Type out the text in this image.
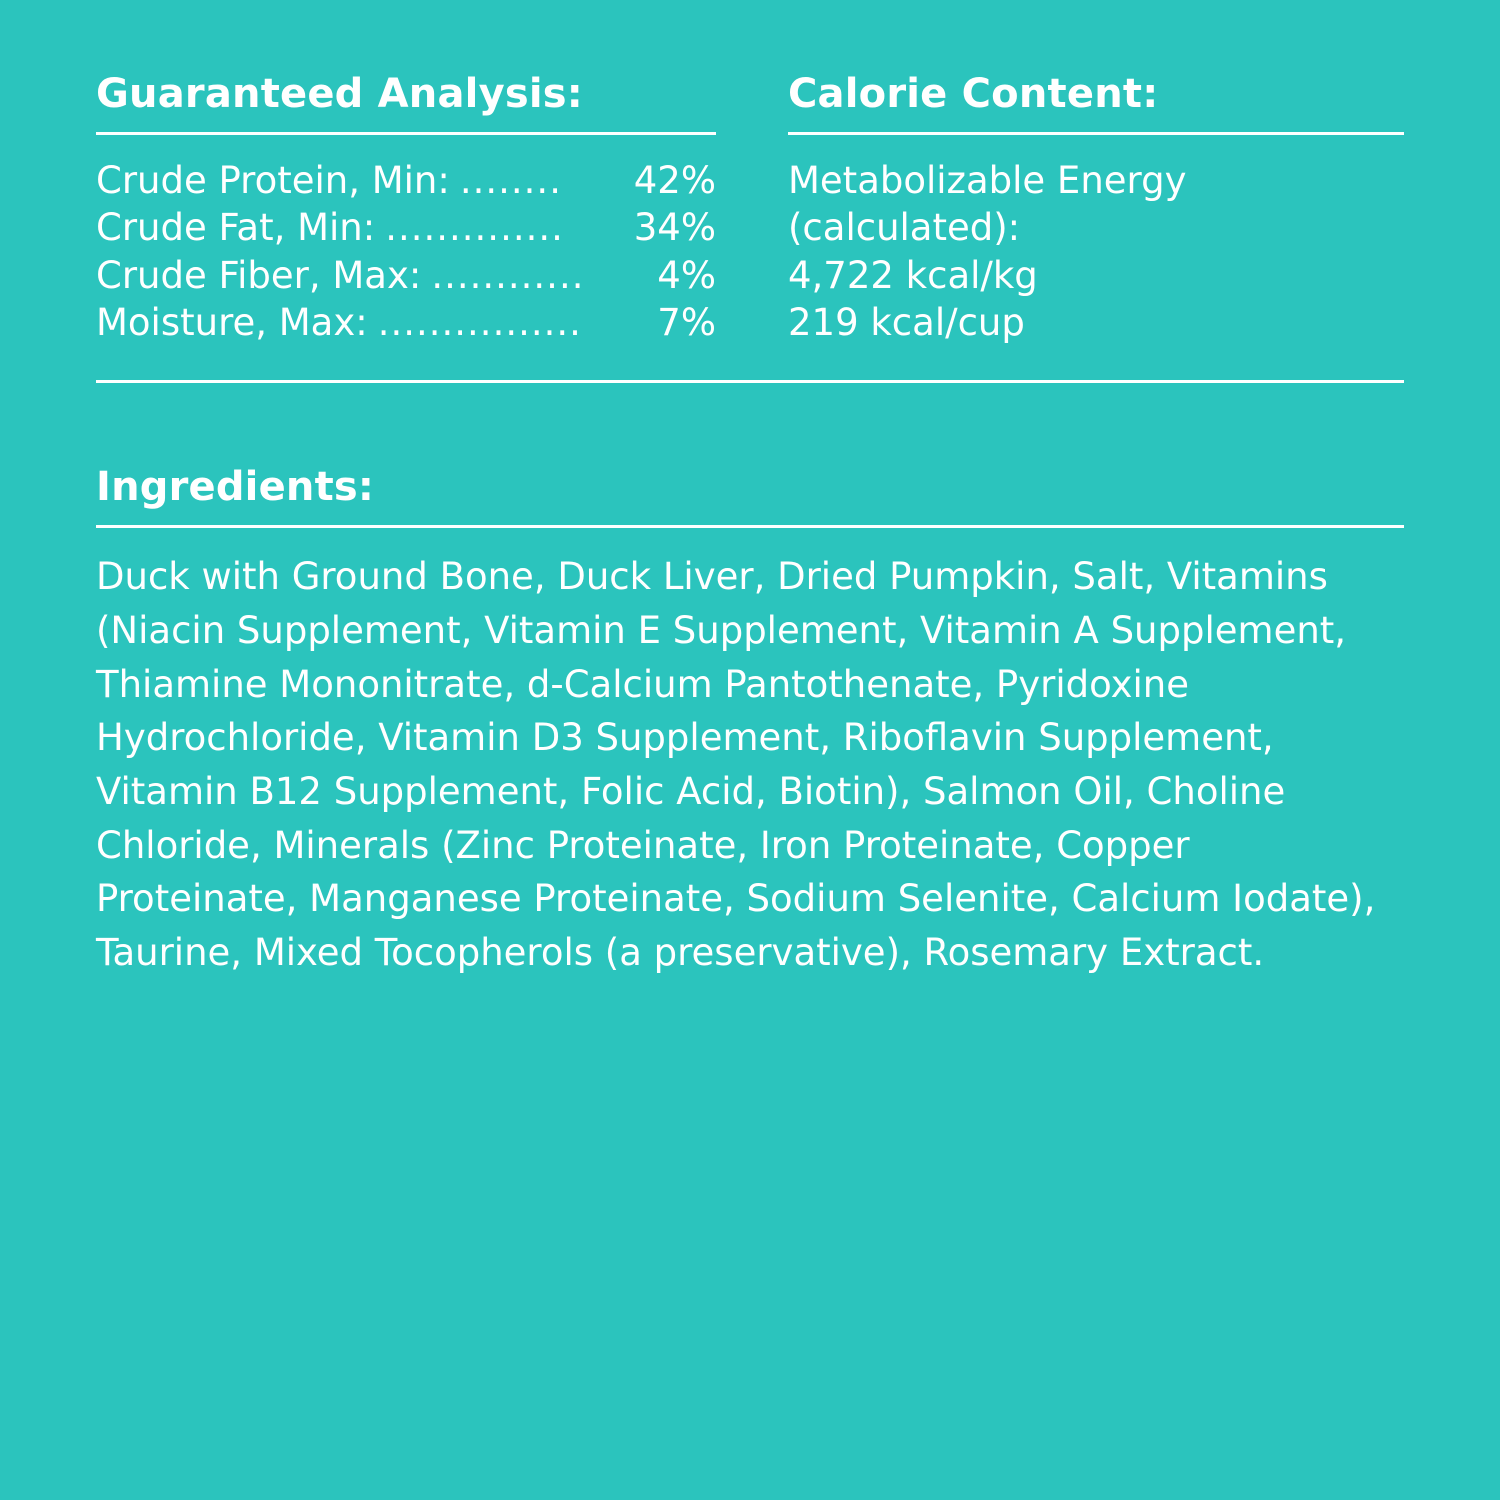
Guaranteed Analysis:
Crude Protein, Min: ........	42%
Crude Fat, Min: ..............	34%
Crude Fiber, Max: ............	4%
Moisture, Max: ................	7%
Calorie Content:
Metabolizable Energy
(calculated):
4,722 kcal/kg
219 kcal/cup
Ingredients:
Duck with Ground Bone, Duck Liver, Dried Pumpkin, Salt, Vitamins (Niacin Supplement, Vitamin E Supplement, Vitamin A Supplement, Thiamine Mononitrate, d-Calcium Pantothenate, Pyridoxine Hydrochloride, Vitamin D3 Supplement, Riboflavin Supplement, Vitamin B12 Supplement, Folic Acid, Biotin), Salmon Oil, Choline Chloride, Minerals (Zinc Proteinate, Iron Proteinate, Copper Proteinate, Manganese Proteinate, Sodium Selenite, Calcium Iodate), Taurine, Mixed Tocopherols (a preservative), Rosemary Extract.
